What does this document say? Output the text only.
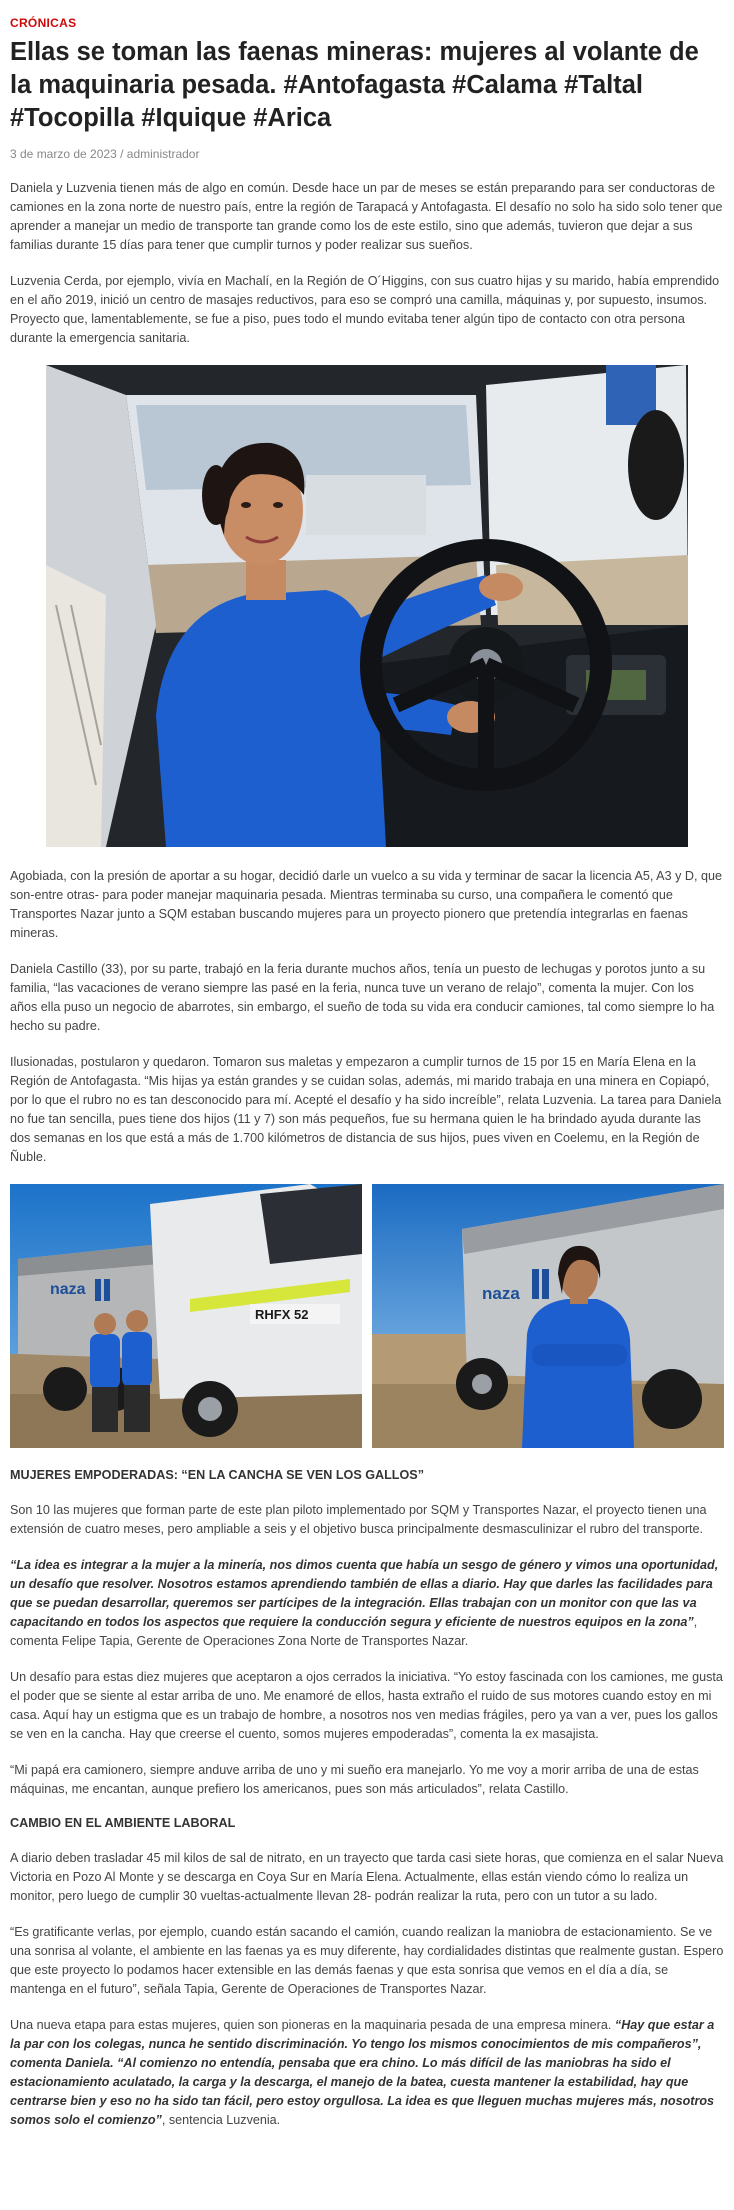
CRÓNICAS
Ellas se toman las faenas mineras: mujeres al volante de la maquinaria pesada. #Antofagasta #Calama #Taltal #Tocopilla #Iquique #Arica
3 de marzo de 2023 / administrador

Daniela y Luzvenia tienen más de algo en común. Desde hace un par de meses se están preparando para ser conductoras de camiones en la zona norte de nuestro país, entre la región de Tarapacá y Antofagasta. El desafío no solo ha sido solo tener que aprender a manejar un medio de transporte tan grande como los de este estilo, sino que además, tuvieron que dejar a sus familias durante 15 días para tener que cumplir turnos y poder realizar sus sueños.

Luzvenia Cerda, por ejemplo, vivía en Machalí, en la Región de O´Higgins, con sus cuatro hijas y su marido, había emprendido en el año 2019, inició un centro de masajes reductivos, para eso se compró una camilla, máquinas y, por supuesto, insumos. Proyecto que, lamentablemente, se fue a piso, pues todo el mundo evitaba tener algún tipo de contacto con otra persona durante la emergencia sanitaria.

Agobiada, con la presión de aportar a su hogar, decidió darle un vuelco a su vida y terminar de sacar la licencia A5, A3 y D, que son-entre otras- para poder manejar maquinaria pesada. Mientras terminaba su curso, una compañera le comentó que Transportes Nazar junto a SQM estaban buscando mujeres para un proyecto pionero que pretendía integrarlas en faenas mineras.

Daniela Castillo (33), por su parte, trabajó en la feria durante muchos años, tenía un puesto de lechugas y porotos junto a su familia, “las vacaciones de verano siempre las pasé en la feria, nunca tuve un verano de relajo”, comenta la mujer. Con los años ella puso un negocio de abarrotes, sin embargo, el sueño de toda su vida era conducir camiones, tal como siempre lo ha hecho su padre.

Ilusionadas, postularon y quedaron. Tomaron sus maletas y empezaron a cumplir turnos de 15 por 15 en María Elena en la Región de Antofagasta. “Mis hijas ya están grandes y se cuidan solas, además, mi marido trabaja en una minera en Copiapó, por lo que el rubro no es tan desconocido para mí. Acepté el desafío y ha sido increíble”, relata Luzvenia. La tarea para Daniela no fue tan sencilla, pues tiene dos hijos (11 y 7) son más pequeños, fue su hermana quien le ha brindado ayuda durante las dos semanas en los que está a más de 1.700 kilómetros de distancia de sus hijos, pues viven en Coelemu, en la Región de Ñuble.

naza
RHFX 52
naza
MUJERES EMPODERADAS: “EN LA CANCHA SE VEN LOS GALLOS”

Son 10 las mujeres que forman parte de este plan piloto implementado por SQM y Transportes Nazar, el proyecto tienen una extensión de cuatro meses, pero ampliable a seis y el objetivo busca principalmente desmasculinizar el rubro del transporte.

“La idea es integrar a la mujer a la minería, nos dimos cuenta que había un sesgo de género y vimos una oportunidad, un desafío que resolver. Nosotros estamos aprendiendo también de ellas a diario. Hay que darles las facilidades para que se puedan desarrollar, queremos ser partícipes de la integración. Ellas trabajan con un monitor con que las va capacitando en todos los aspectos que requiere la conducción segura y eficiente de nuestros equipos en la zona”, comenta Felipe Tapia, Gerente de Operaciones Zona Norte de Transportes Nazar.

Un desafío para estas diez mujeres que aceptaron a ojos cerrados la iniciativa. “Yo estoy fascinada con los camiones, me gusta el poder que se siente al estar arriba de uno. Me enamoré de ellos, hasta extraño el ruido de sus motores cuando estoy en mi casa. Aquí hay un estigma que es un trabajo de hombre, a nosotros nos ven medias frágiles, pero ya van a ver, pues los gallos se ven en la cancha. Hay que creerse el cuento, somos mujeres empoderadas”, comenta la ex masajista.

“Mi papá era camionero, siempre anduve arriba de uno y mi sueño era manejarlo. Yo me voy a morir arriba de una de estas máquinas, me encantan, aunque prefiero los americanos, pues son más articulados”, relata Castillo.

CAMBIO EN EL AMBIENTE LABORAL

A diario deben trasladar 45 mil kilos de sal de nitrato, en un trayecto que tarda casi siete horas, que comienza en el salar Nueva Victoria en Pozo Al Monte y se descarga en Coya Sur en María Elena. Actualmente, ellas están viendo cómo lo realiza un monitor, pero luego de cumplir 30 vueltas-actualmente llevan 28- podrán realizar la ruta, pero con un tutor a su lado.

“Es gratificante verlas, por ejemplo, cuando están sacando el camión, cuando realizan la maniobra de estacionamiento. Se ve una sonrisa al volante, el ambiente en las faenas ya es muy diferente, hay cordialidades distintas que realmente gustan. Espero que este proyecto lo podamos hacer extensible en las demás faenas y que esta sonrisa que vemos en el día a día, se mantenga en el futuro”, señala Tapia, Gerente de Operaciones de Transportes Nazar.

Una nueva etapa para estas mujeres, quien son pioneras en la maquinaria pesada de una empresa minera. “Hay que estar a la par con los colegas, nunca he sentido discriminación. Yo tengo los mismos conocimientos de mis compañeros”, comenta Daniela. “Al comienzo no entendía, pensaba que era chino. Lo más difícil de las maniobras ha sido el estacionamiento aculatado, la carga y la descarga, el manejo de la batea, cuesta mantener la estabilidad, hay que centrarse bien y eso no ha sido tan fácil, pero estoy orgullosa. La idea es que lleguen muchas mujeres más, nosotros somos solo el comienzo”, sentencia Luzvenia.
